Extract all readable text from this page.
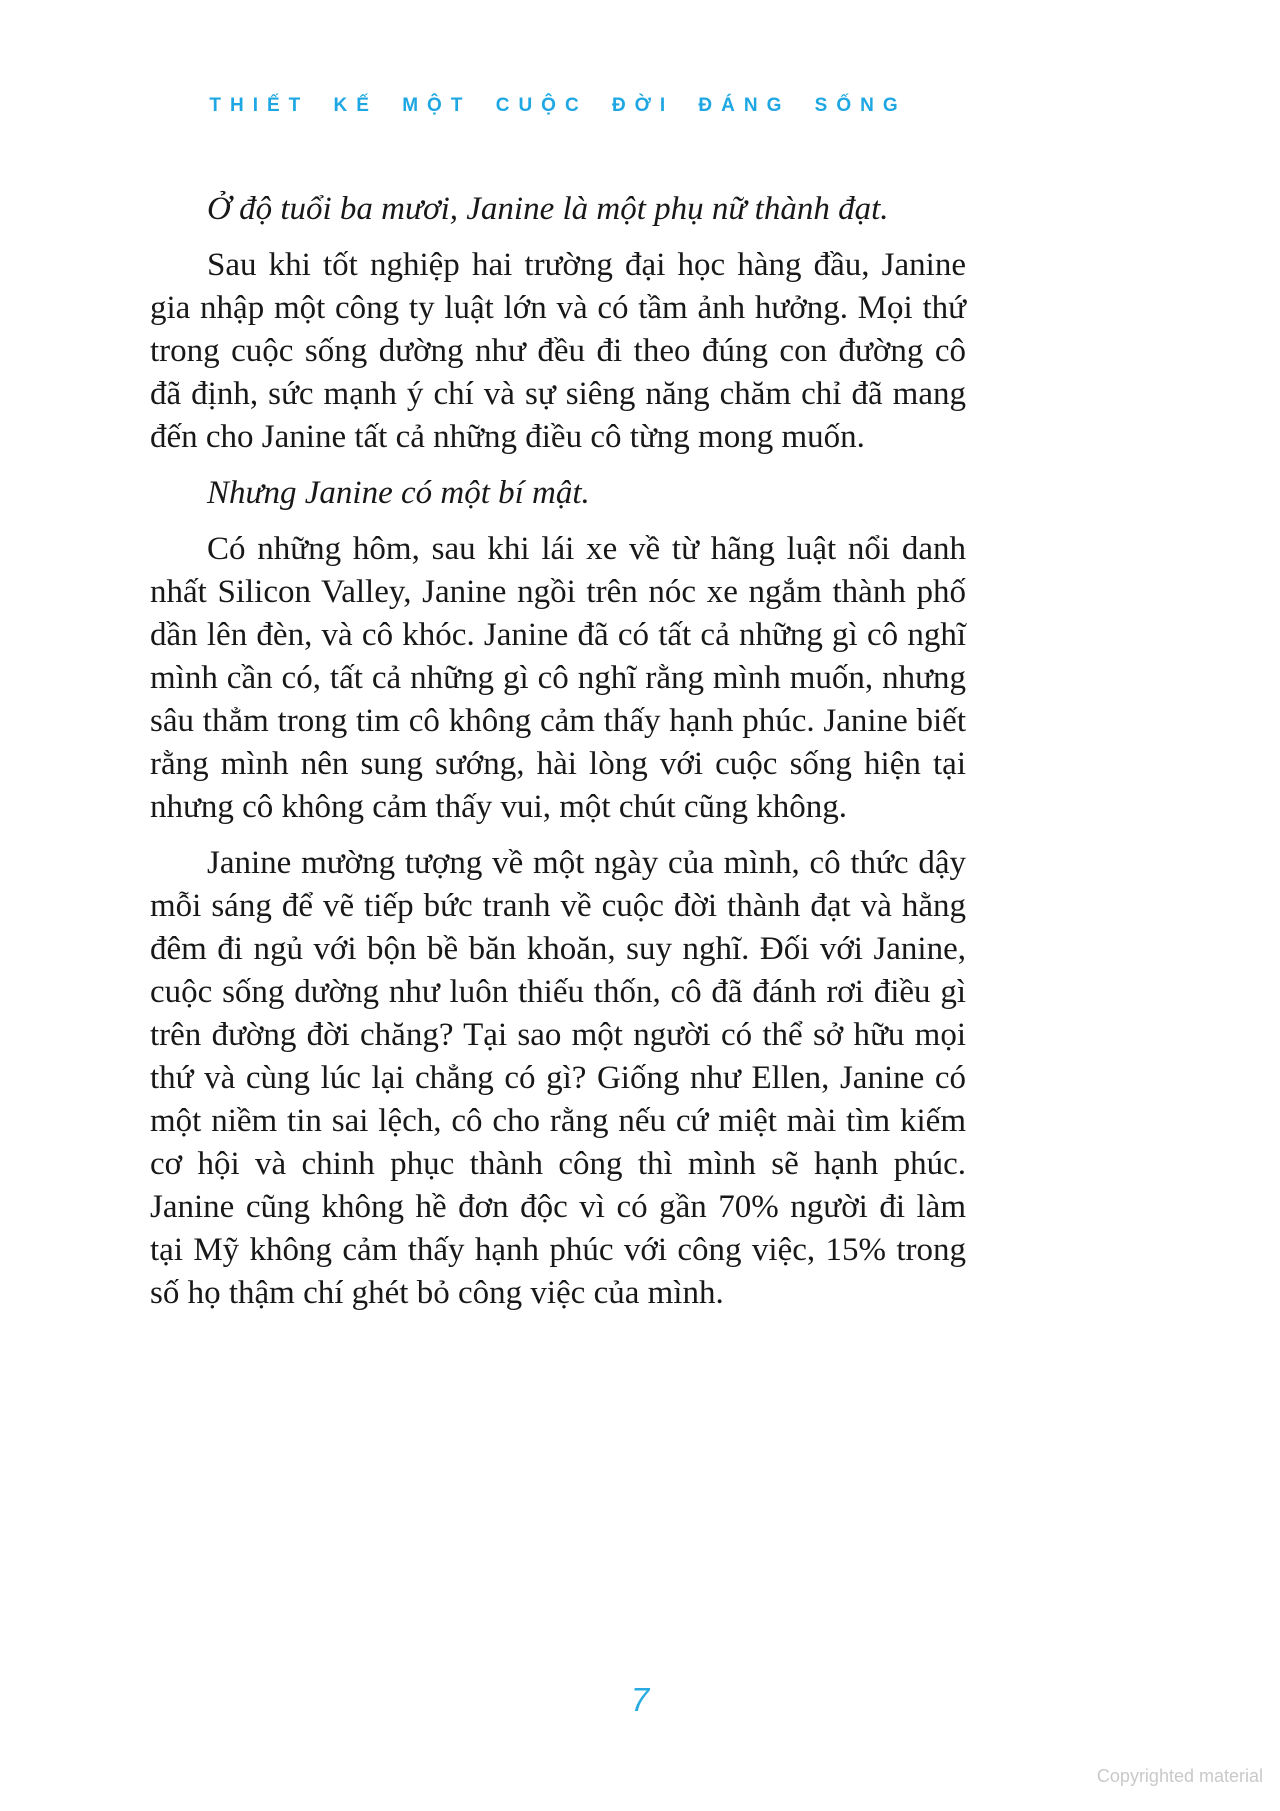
THIẾT KẾ MỘT CUỘC ĐỜI ĐÁNG SỐNG

Ở độ tuổi ba mươi, Janine là một phụ nữ thành đạt.

Sau khi tốt nghiệp hai trường đại học hàng đầu, Janine gia nhập một công ty luật lớn và có tầm ảnh hưởng. Mọi thứ trong cuộc sống dường như đều đi theo đúng con đường cô đã định, sức mạnh ý chí và sự siêng năng chăm chỉ đã mang đến cho Janine tất cả những điều cô từng mong muốn.

Nhưng Janine có một bí mật.

Có những hôm, sau khi lái xe về từ hãng luật nổi danh nhất Silicon Valley, Janine ngồi trên nóc xe ngắm thành phố dần lên đèn, và cô khóc. Janine đã có tất cả những gì cô nghĩ mình cần có, tất cả những gì cô nghĩ rằng mình muốn, nhưng sâu thẳm trong tim cô không cảm thấy hạnh phúc. Janine biết rằng mình nên sung sướng, hài lòng với cuộc sống hiện tại nhưng cô không cảm thấy vui, một chút cũng không.

Janine mường tượng về một ngày của mình, cô thức dậy mỗi sáng để vẽ tiếp bức tranh về cuộc đời thành đạt và hằng đêm đi ngủ với bộn bề băn khoăn, suy nghĩ. Đối với Janine, cuộc sống dường như luôn thiếu thốn, cô đã đánh rơi điều gì trên đường đời chăng? Tại sao một người có thể sở hữu mọi thứ và cùng lúc lại chẳng có gì? Giống như Ellen, Janine có một niềm tin sai lệch, cô cho rằng nếu cứ miệt mài tìm kiếm cơ hội và chinh phục thành công thì mình sẽ hạnh phúc. Janine cũng không hề đơn độc vì có gần 70% người đi làm tại Mỹ không cảm thấy hạnh phúc với công việc, 15% trong số họ thậm chí ghét bỏ công việc của mình.

7
Copyrighted material
